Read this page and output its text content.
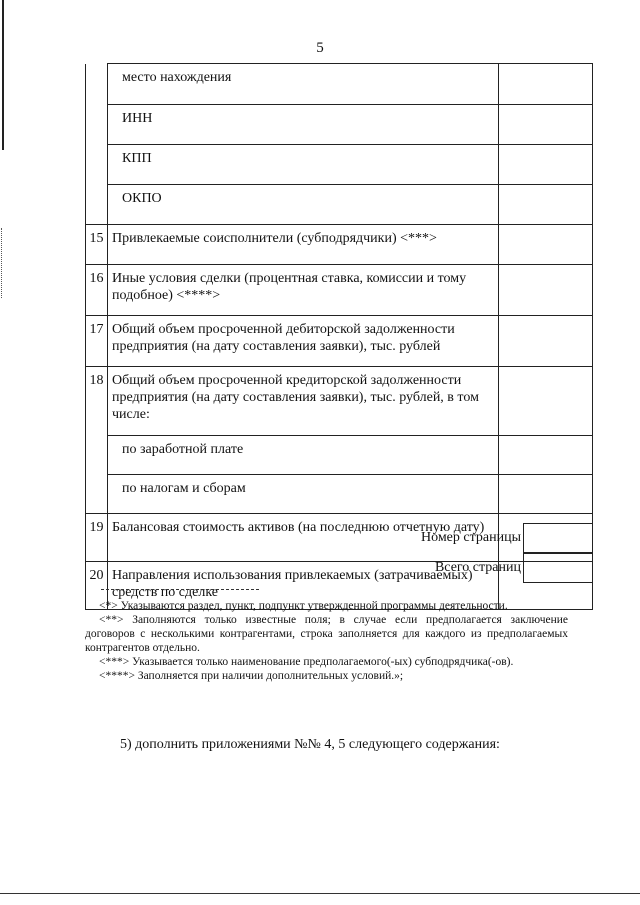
5
	место нахождения	
	ИНН	
	КПП	
	ОКПО	
15	Привлекаемые соисполнители (субподрядчики) <***>	
16	Иные условия сделки (процентная ставка, комиссии и тому подобное) <****>	
17	Общий объем просроченной дебиторской задолженности предприятия (на дату составления заявки), тыс. рублей	
18	Общий объем просроченной кредиторской задолженности предприятия (на дату составления заявки), тыс. рублей, в том числе:	
	по заработной плате	
	по налогам и сборам	
19	Балансовая стоимость активов (на последнюю отчетную дату)	
20	Направления использования привлекаемых (затрачиваемых) средств по сделке	
Номер страницы
Всего страниц

<*> Указываются раздел, пункт, подпункт утвержденной программы деятельности.

<**> Заполняются только известные поля; в случае если предполагается заключение договоров с несколькими контрагентами, строка заполняется для каждого из предполагаемых контрагентов отдельно.

<***> Указывается только наименование предполагаемого(-ых) субподрядчика(-ов).

<****> Заполняется при наличии дополнительных условий.»;

5) дополнить приложениями №№ 4, 5 следующего содержания:
